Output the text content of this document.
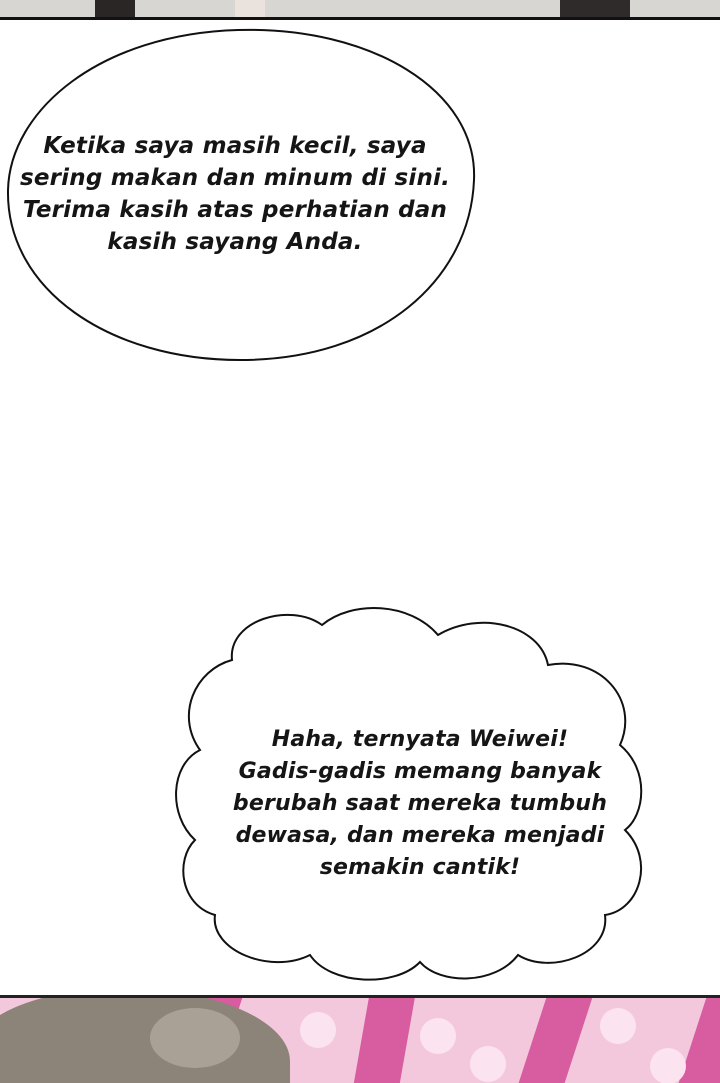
Ketika saya masih kecil, saya
sering makan dan minum di sini.
Terima kasih atas perhatian dan
kasih sayang Anda.
Haha, ternyata Weiwei!
Gadis-gadis memang banyak
berubah saat mereka tumbuh
dewasa, dan mereka menjadi
semakin cantik!
